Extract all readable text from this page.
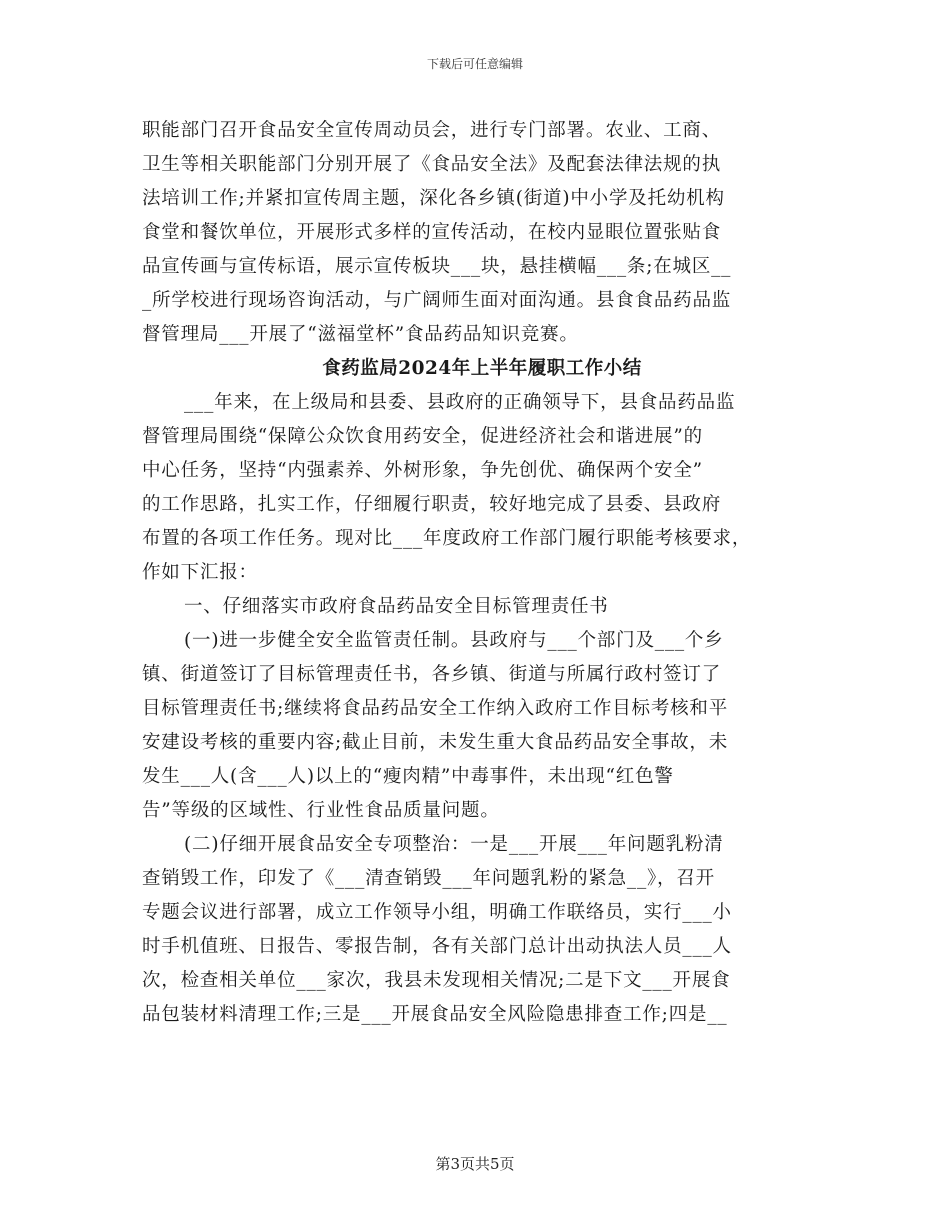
下载后可任意编辑
职能部门召开食品安全宣传周动员会，进行专门部署。农业、工商、
卫生等相关职能部门分别开展了《食品安全法》及配套法律法规的执
法培训工作;并紧扣宣传周主题，深化各乡镇(街道)中小学及托幼机构
食堂和餐饮单位，开展形式多样的宣传活动，在校内显眼位置张贴食
品宣传画与宣传标语，展示宣传板块___块，悬挂横幅___条;在城区__
_所学校进行现场咨询活动，与广阔师生面对面沟通。县食食品药品监
督管理局___开展了“滋福堂杯”食品药品知识竞赛。
食药监局2024年上半年履职工作小结
___年来，在上级局和县委、县政府的正确领导下，县食品药品监
督管理局围绕“保障公众饮食用药安全，促进经济社会和谐进展”的
中心任务，坚持“内强素养、外树形象，争先创优、确保两个安全”
的工作思路，扎实工作，仔细履行职责，较好地完成了县委、县政府
布置的各项工作任务。现对比___年度政府工作部门履行职能考核要求，
作如下汇报：
一、仔细落实市政府食品药品安全目标管理责任书
(一)进一步健全安全监管责任制。县政府与___个部门及___个乡
镇、街道签订了目标管理责任书，各乡镇、街道与所属行政村签订了
目标管理责任书;继续将食品药品安全工作纳入政府工作目标考核和平
安建设考核的重要内容;截止目前，未发生重大食品药品安全事故，未
发生___人(含___人)以上的“瘦肉精”中毒事件，未出现“红色警
告”等级的区域性、行业性食品质量问题。
(二)仔细开展食品安全专项整治：一是___开展___年问题乳粉清
查销毁工作，印发了《___清查销毁___年问题乳粉的紧急__》，召开
专题会议进行部署，成立工作领导小组，明确工作联络员，实行___小
时手机值班、日报告、零报告制，各有关部门总计出动执法人员___人
次，检查相关单位___家次，我县未发现相关情况;二是下文___开展食
品包装材料清理工作;三是___开展食品安全风险隐患排查工作;四是__
第3页共5页
